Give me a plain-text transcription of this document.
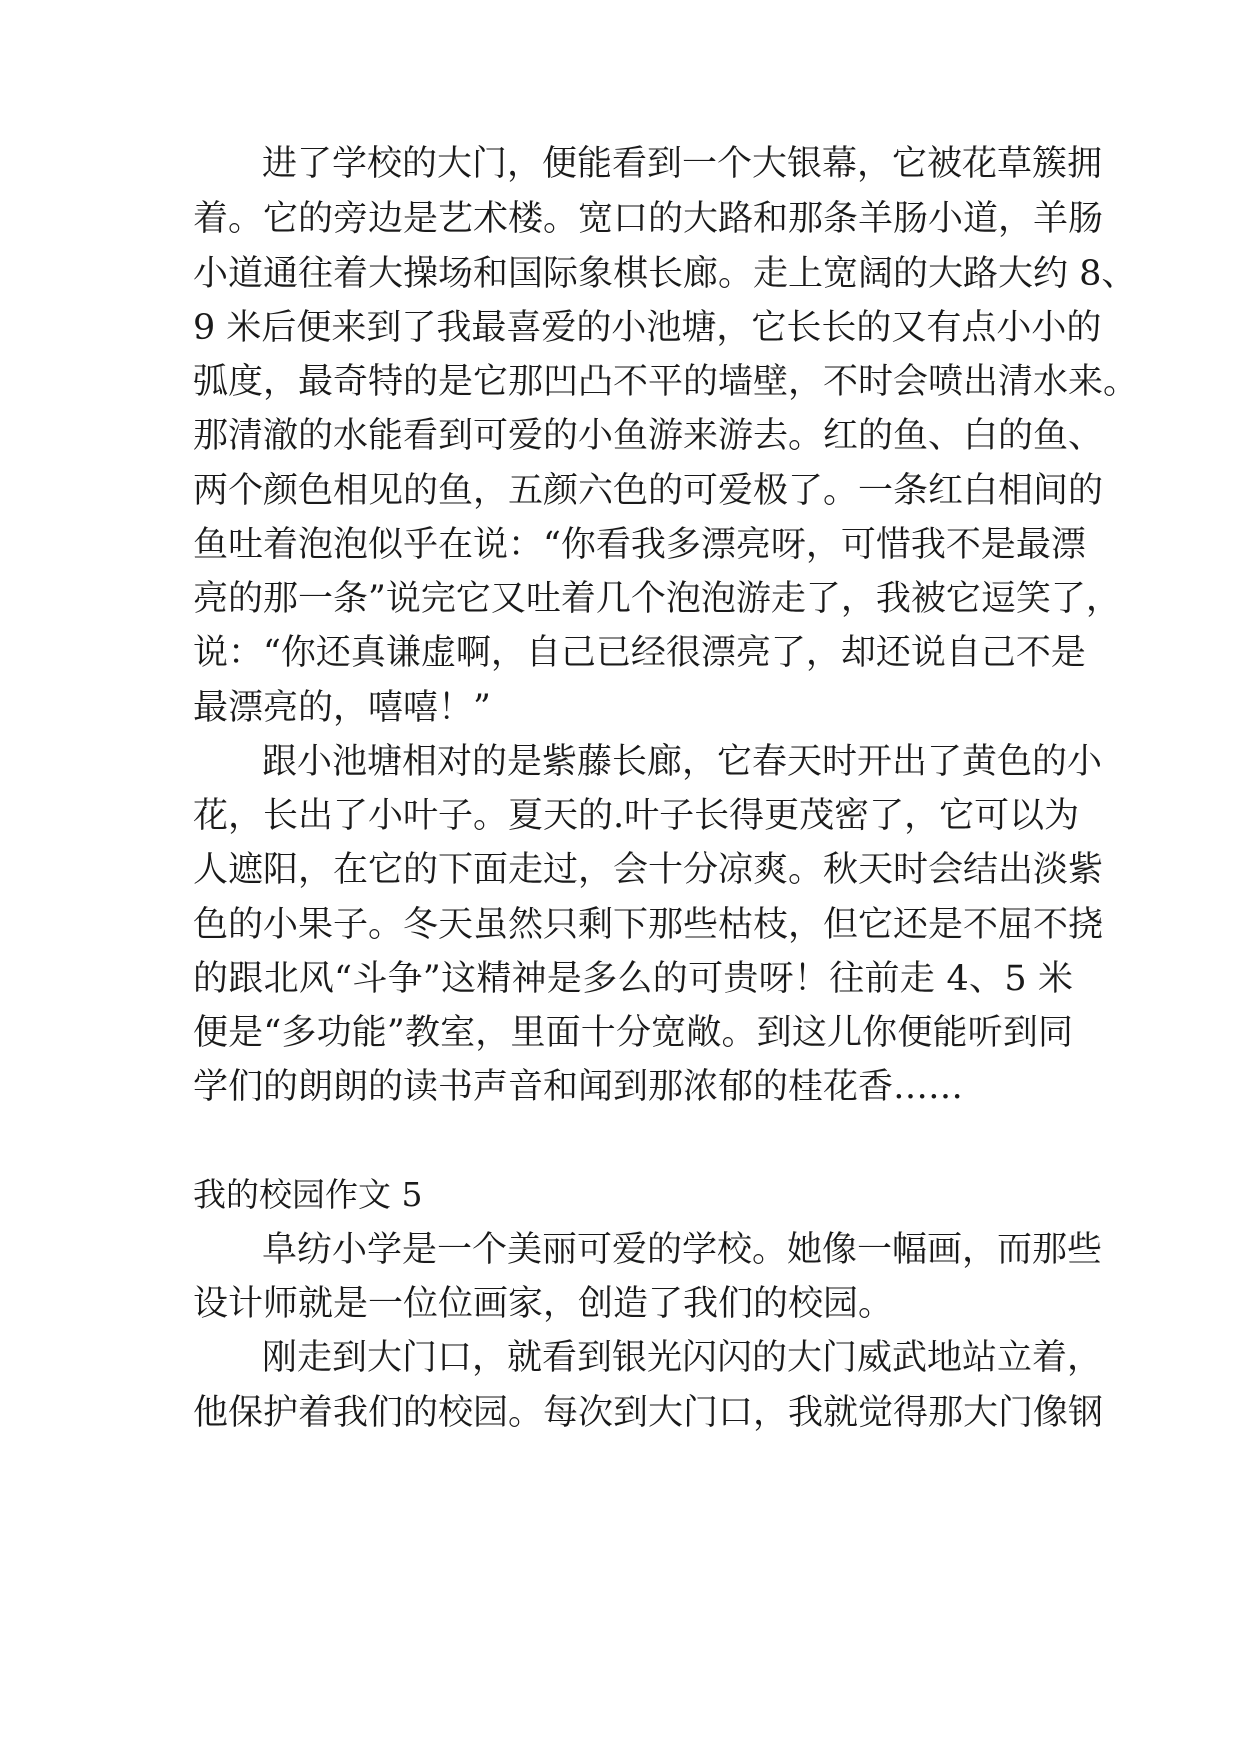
进了学校的大门，便能看到一个大银幕，它被花草簇拥
着。它的旁边是艺术楼。宽口的大路和那条羊肠小道，羊肠
小道通往着大操场和国际象棋长廊。走上宽阔的大路大约 8、
9 米后便来到了我最喜爱的小池塘，它长长的又有点小小的
弧度，最奇特的是它那凹凸不平的墙壁，不时会喷出清水来。
那清澈的水能看到可爱的小鱼游来游去。红的鱼、白的鱼、
两个颜色相见的鱼，五颜六色的可爱极了。一条红白相间的
鱼吐着泡泡似乎在说：“你看我多漂亮呀，可惜我不是最漂
亮的那一条”说完它又吐着几个泡泡游走了，我被它逗笑了，
说：“你还真谦虚啊，自己已经很漂亮了，却还说自己不是
最漂亮的，嘻嘻！”
跟小池塘相对的是紫藤长廊，它春天时开出了黄色的小
花，长出了小叶子。夏天的.叶子长得更茂密了，它可以为
人遮阳，在它的下面走过，会十分凉爽。秋天时会结出淡紫
色的小果子。冬天虽然只剩下那些枯枝，但它还是不屈不挠
的跟北风“斗争”这精神是多么的可贵呀！往前走 4、5 米
便是“多功能”教室，里面十分宽敞。到这儿你便能听到同
学们的朗朗的读书声音和闻到那浓郁的桂花香……
我的校园作文 5
阜纺小学是一个美丽可爱的学校。她像一幅画，而那些
设计师就是一位位画家，创造了我们的校园。
刚走到大门口，就看到银光闪闪的大门威武地站立着，
他保护着我们的校园。每次到大门口，我就觉得那大门像钢
